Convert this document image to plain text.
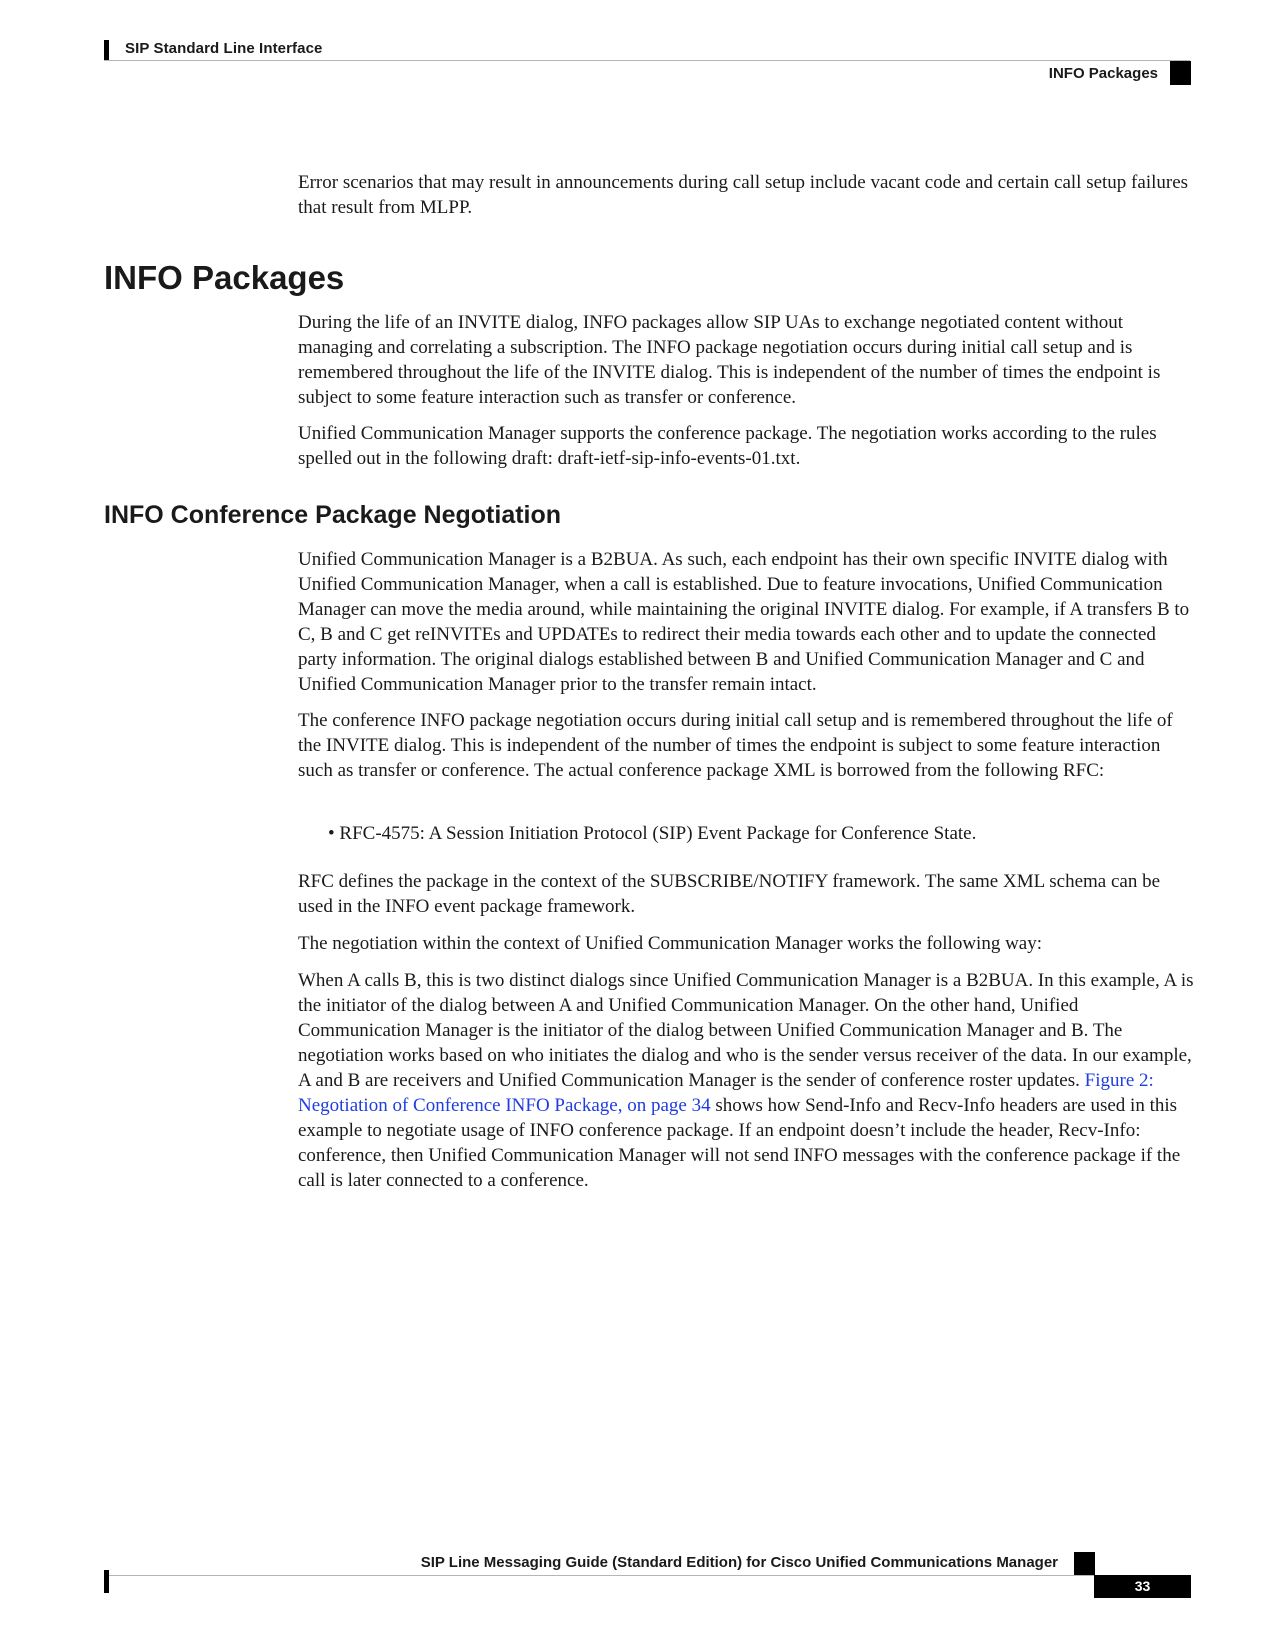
SIP Standard Line Interface
INFO Packages

Error scenarios that may result in announcements during call setup include vacant code and certain call setup failures that result from MLPP.

INFO Packages

During the life of an INVITE dialog, INFO packages allow SIP UAs to exchange negotiated content without managing and correlating a subscription. The INFO package negotiation occurs during initial call setup and is remembered throughout the life of the INVITE dialog. This is independent of the number of times the endpoint is subject to some feature interaction such as transfer or conference.

Unified Communication Manager supports the conference package. The negotiation works according to the rules spelled out in the following draft: draft-ietf-sip-info-events-01.txt.

INFO Conference Package Negotiation

Unified Communication Manager is a B2BUA. As such, each endpoint has their own specific INVITE dialog with Unified Communication Manager, when a call is established. Due to feature invocations, Unified Communication Manager can move the media around, while maintaining the original INVITE dialog. For example, if A transfers B to C, B and C get reINVITEs and UPDATEs to redirect their media towards each other and to update the connected party information. The original dialogs established between B and Unified Communication Manager and C and Unified Communication Manager prior to the transfer remain intact.

The conference INFO package negotiation occurs during initial call setup and is remembered throughout the life of the INVITE dialog. This is independent of the number of times the endpoint is subject to some feature interaction such as transfer or conference. The actual conference package XML is borrowed from the following RFC:

• RFC-4575: A Session Initiation Protocol (SIP) Event Package for Conference State.

RFC defines the package in the context of the SUBSCRIBE/NOTIFY framework. The same XML schema can be used in the INFO event package framework.

The negotiation within the context of Unified Communication Manager works the following way:

When A calls B, this is two distinct dialogs since Unified Communication Manager is a B2BUA. In this example, A is the initiator of the dialog between A and Unified Communication Manager. On the other hand, Unified Communication Manager is the initiator of the dialog between Unified Communication Manager and B. The negotiation works based on who initiates the dialog and who is the sender versus receiver of the data. In our example, A and B are receivers and Unified Communication Manager is the sender of conference roster updates. Figure 2: Negotiation of Conference INFO Package, on page 34 shows how Send-Info and Recv-Info headers are used in this example to negotiate usage of INFO conference package. If an endpoint doesn’t include the header, Recv-Info: conference, then Unified Communication Manager will not send INFO messages with the conference package if the call is later connected to a conference.

SIP Line Messaging Guide (Standard Edition) for Cisco Unified Communications Manager
33
